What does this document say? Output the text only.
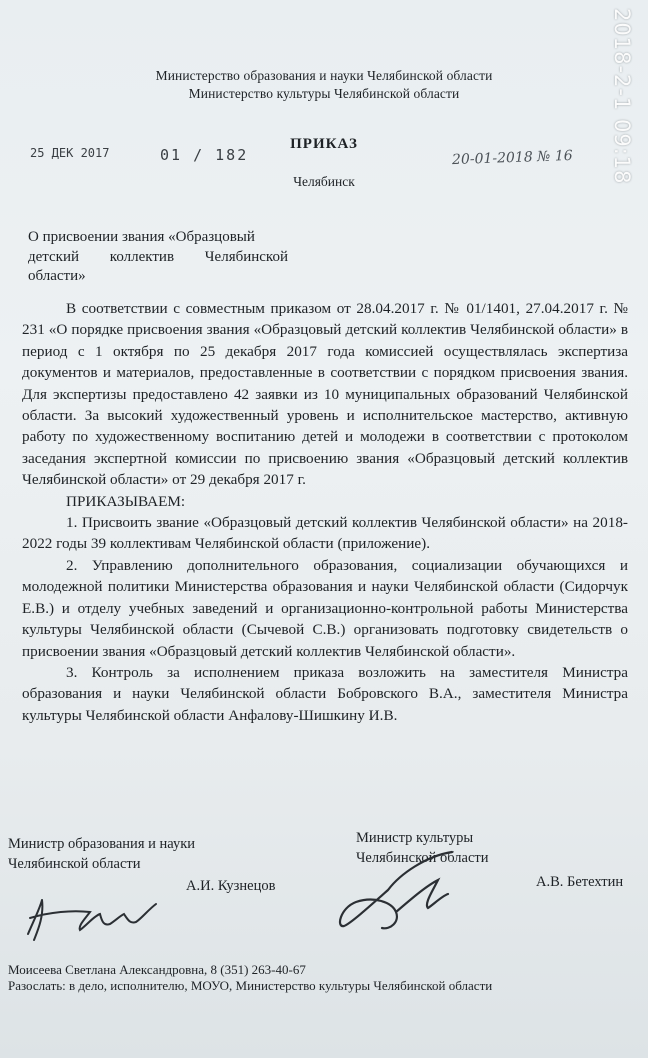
Министерство образования и науки Челябинской области
Министерство культуры Челябинской области
25 ДЕК 2017	01 / 182
ПРИКАЗ
20-01-2018 № 16
Челябинск
О присвоении звания «Образцовый
детский коллектив Челябинской
области»

В соответствии с совместным приказом от 28.04.2017 г. № 01/1401, 27.04.2017 г. № 231 «О порядке присвоения звания «Образцовый детский коллектив Челябинской области» в период с 1 октября по 25 декабря 2017 года комиссией осуществлялась экспертиза документов и материалов, предоставленные в соответствии с порядком присвоения звания. Для экспертизы предоставлено 42 заявки из 10 муниципальных образований Челябинской области. За высокий художественный уровень и исполнительское мастерство, активную работу по художественному воспитанию детей и молодежи в соответствии с протоколом заседания экспертной комиссии по присвоению звания «Образцовый детский коллектив Челябинской области» от 29 декабря 2017 г.

ПРИКАЗЫВАЕМ:

1. Присвоить звание «Образцовый детский коллектив Челябинской области» на 2018-2022 годы 39 коллективам Челябинской области (приложение).

2. Управлению дополнительного образования, социализации обучающихся и молодежной политики Министерства образования и науки Челябинской области (Сидорчук Е.В.) и отделу учебных заведений и организационно-контрольной работы Министерства культуры Челябинской области (Сычевой С.В.) организовать подготовку свидетельств о присвоении звания «Образцовый детский коллектив Челябинской области».

3. Контроль за исполнением приказа возложить на заместителя Министра образования и науки Челябинской области Бобровского В.А., заместителя Министра культуры Челябинской области Анфалову-Шишкину И.В.

Министр образования и науки
Челябинской области
А.И. Кузнецов
Министр культуры
Челябинской области
А.В. Бетехтин
Моисеева Светлана Александровна, 8 (351) 263-40-67
Разослать: в дело, исполнителю, МОУО, Министерство культуры Челябинской области
2018-2-1 09:18
